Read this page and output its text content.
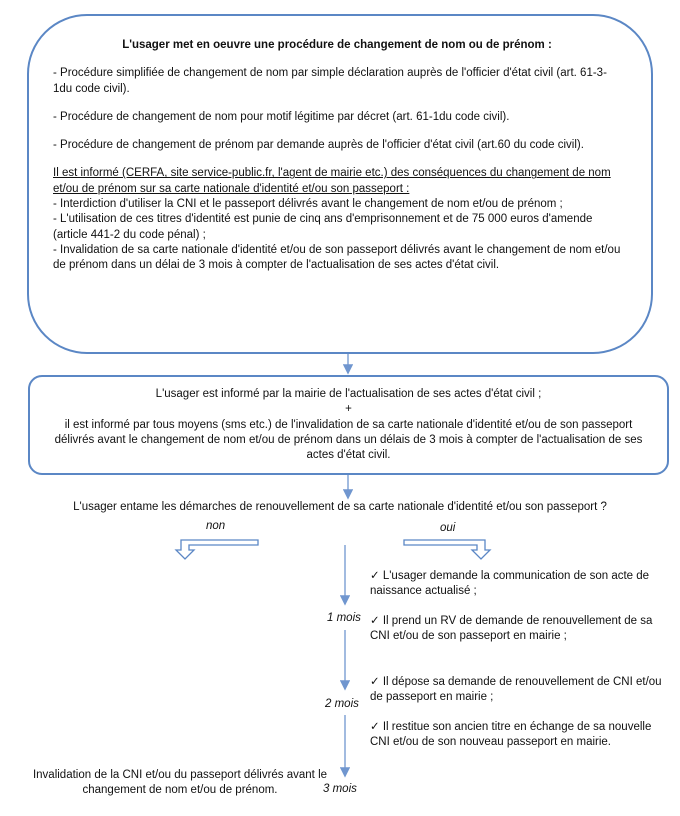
L'usager met en oeuvre une procédure de changement de nom ou de prénom :
- Procédure simplifiée de changement de nom par simple déclaration auprès de l'officier d'état civil (art. 61-3-1du code civil).
- Procédure de changement de nom pour motif légitime par décret (art. 61-1du code civil).
- Procédure de changement de prénom par demande auprès de l'officier d'état civil (art.60 du code civil).
Il est informé (CERFA, site service-public.fr, l'agent de mairie etc.) des conséquences du changement de nom et/ou de prénom sur sa carte nationale d'identité et/ou son passeport :
- Interdiction d'utiliser la CNI et le passeport délivrés avant le changement de nom et/ou de prénom ;
- L'utilisation de ces titres d'identité est punie de cinq ans d'emprisonnement et de 75 000 euros d'amende (article 441-2 du code pénal) ;
- Invalidation de sa carte nationale d'identité et/ou de son passeport délivrés avant le changement de nom et/ou de prénom dans un délai de 3 mois à compter de l'actualisation de ses actes d'état civil.
L'usager est informé par la mairie de l'actualisation de ses actes d'état civil ;
+
il est informé par tous moyens (sms etc.) de l'invalidation de sa carte nationale d'identité et/ou de son passeport délivrés avant le changement de nom et/ou de prénom dans un délais de 3 mois à compter de l'actualisation de ses actes d'état civil.
L'usager entame les démarches de renouvellement de sa carte nationale d'identité et/ou son passeport ?
non	oui
✓ L'usager demande la communication de son acte de naissance actualisé ;
✓ Il prend un RV de demande de renouvellement de sa CNI et/ou de son passeport en mairie ;
✓ Il dépose sa demande de renouvellement de CNI et/ou de passeport en mairie ;
✓ Il restitue son ancien titre en échange de sa nouvelle CNI et/ou de son nouveau passeport en mairie.
1 mois
2 mois
3 mois
Invalidation de la CNI et/ou du passeport délivrés avant le changement de nom et/ou de prénom.
